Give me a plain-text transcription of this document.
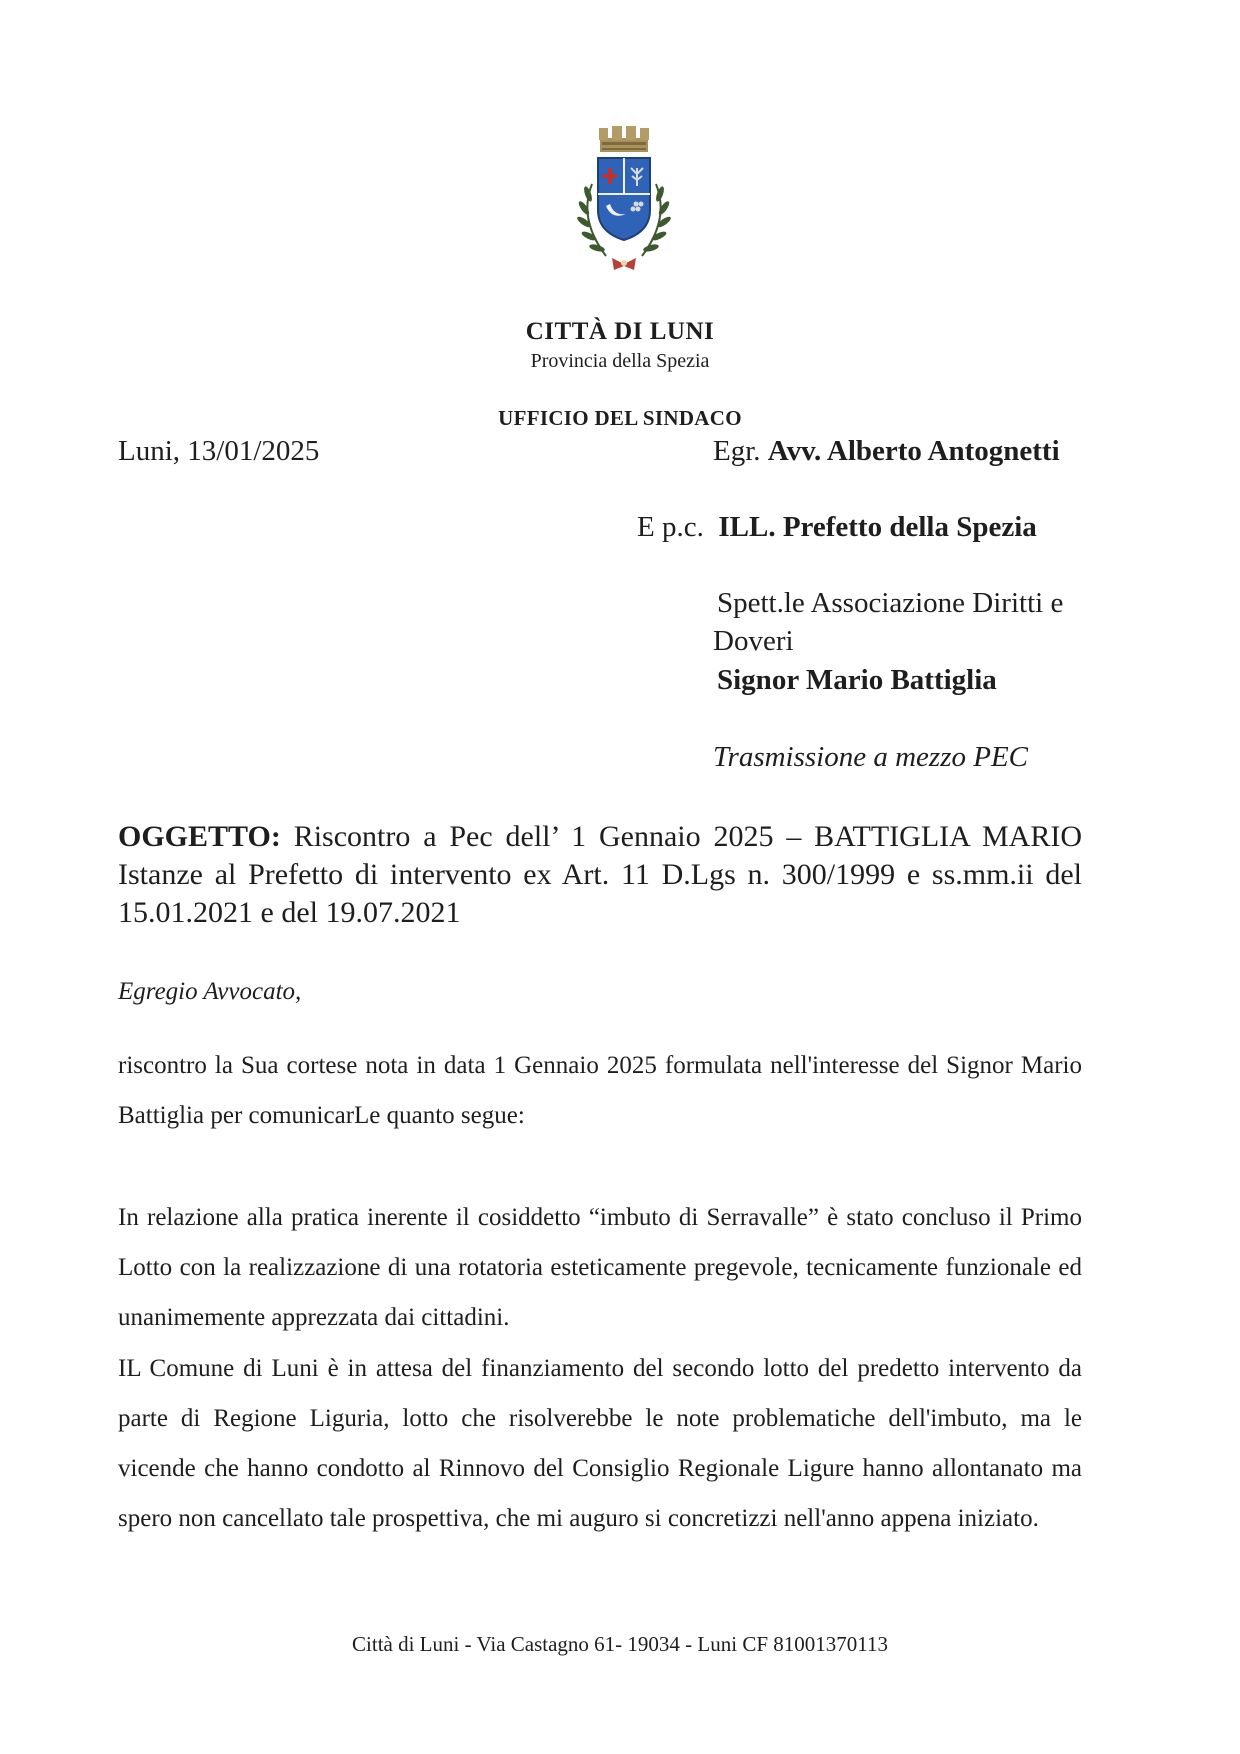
CITTÀ DI LUNI
Provincia della Spezia
UFFICIO DEL SINDACO
Luni, 13/01/2025	Egr. Avv. Alberto Antognetti
E p.c. ILL. Prefetto della Spezia
Spett.le Associazione Diritti e
Doveri
Signor Mario Battiglia
Trasmissione a mezzo PEC
OGGETTO: Riscontro a Pec dell’ 1 Gennaio 2025 – BATTIGLIA MARIO Istanze al Prefetto di intervento ex Art. 11 D.Lgs n. 300/1999 e ss.mm.ii del 15.01.2021 e del 19.07.2021
Egregio Avvocato,
riscontro la Sua cortese nota in data 1 Gennaio 2025 formulata nell'interesse del Signor Mario Battiglia per comunicarLe quanto segue:
In relazione alla pratica inerente il cosiddetto “imbuto di Serravalle” è stato concluso il Primo Lotto con la realizzazione di una rotatoria esteticamente pregevole, tecnicamente funzionale ed unanimemente apprezzata dai cittadini.
IL Comune di Luni è in attesa del finanziamento del secondo lotto del predetto intervento da parte di Regione Liguria, lotto che risolverebbe le note problematiche dell'imbuto, ma le vicende che hanno condotto al Rinnovo del Consiglio Regionale Ligure hanno allontanato ma spero non cancellato tale prospettiva, che mi auguro si concretizzi nell'anno appena iniziato.
Città di Luni - Via Castagno 61- 19034 - Luni CF 81001370113
